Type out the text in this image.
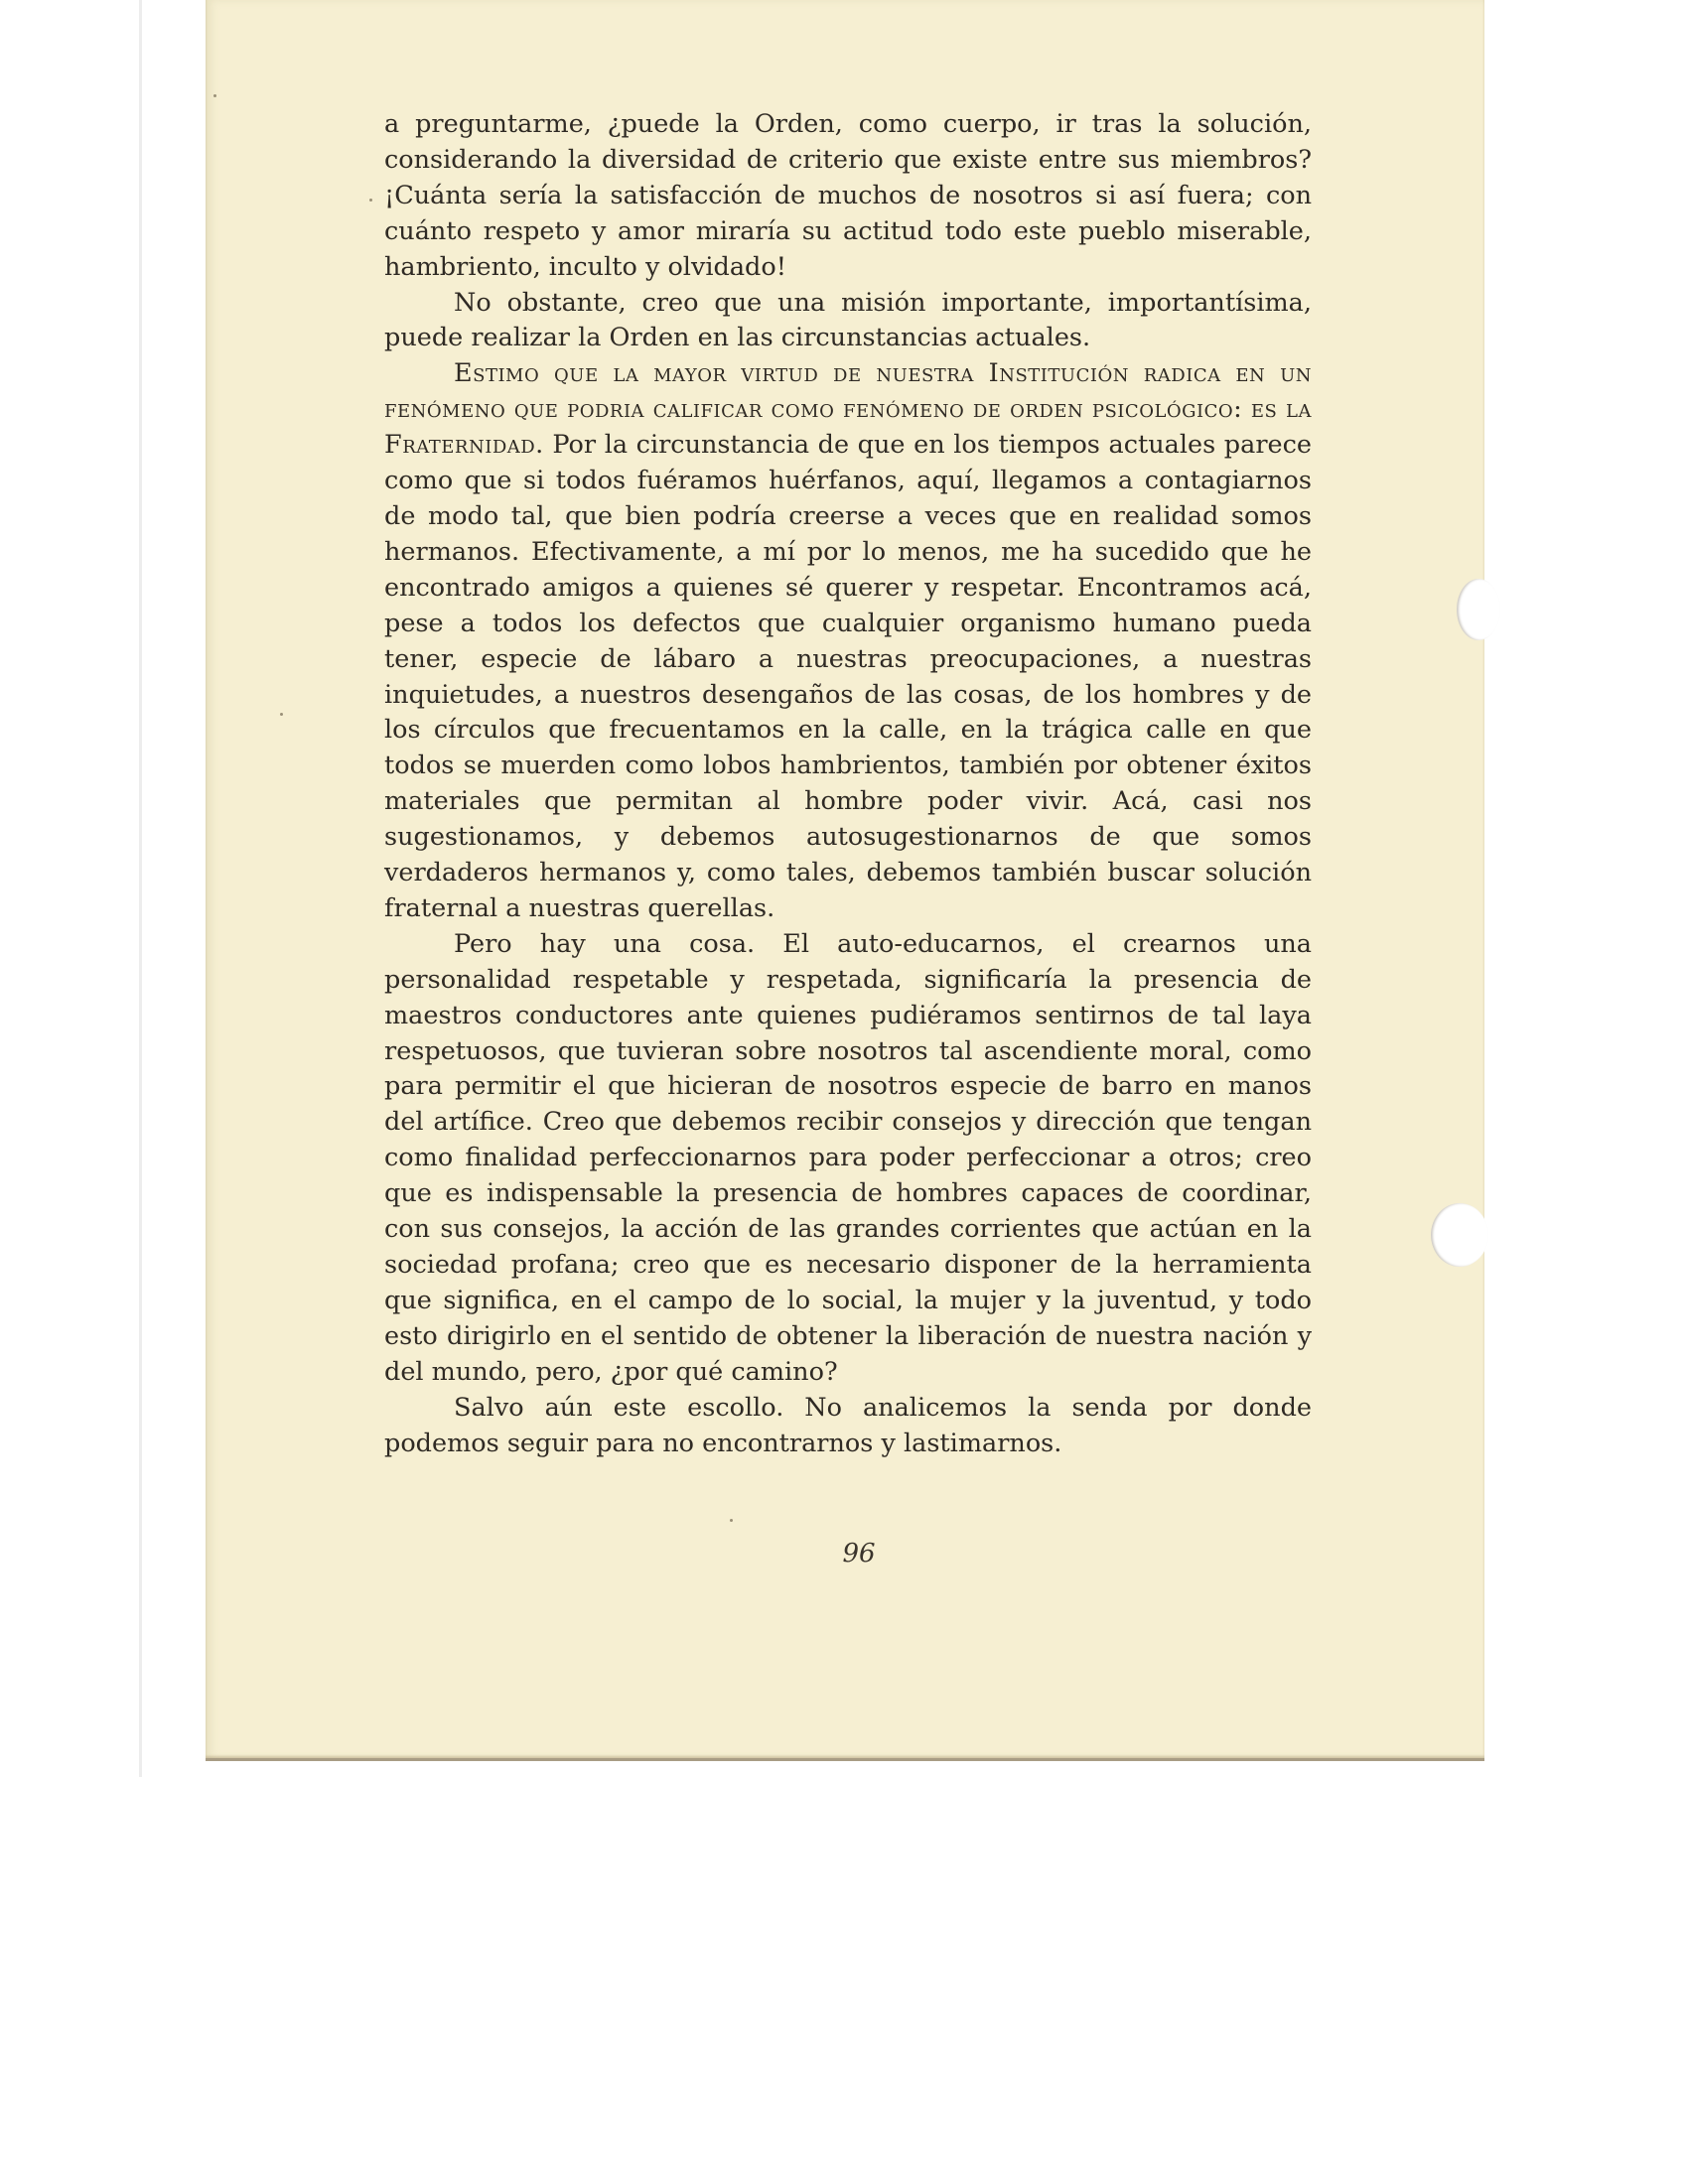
a preguntarme, ¿puede la Orden, como cuerpo, ir tras la solución, considerando la diversidad de criterio que existe entre sus miembros? ¡Cuánta sería la satisfacción de muchos de nosotros si así fuera; con cuánto respeto y amor miraría su actitud todo este pueblo miserable, hambriento, inculto y olvidado!

No obstante, creo que una misión importante, importantísima, puede realizar la Orden en las circunstancias actuales.

Estimo que la mayor virtud de nuestra Institución radica en un fenómeno que podria calificar como fenómeno de orden psicológico: es la Fraternidad. Por la circunstancia de que en los tiempos actuales parece como que si todos fuéramos huérfanos, aquí, llegamos a contagiarnos de modo tal, que bien podría creerse a veces que en realidad somos hermanos. Efectivamente, a mí por lo menos, me ha sucedido que he encontrado amigos a quienes sé querer y respetar. Encontramos acá, pese a todos los defectos que cualquier organismo humano pueda tener, especie de lábaro a nuestras preocupaciones, a nuestras inquietudes, a nuestros desengaños de las cosas, de los hombres y de los círculos que frecuentamos en la calle, en la trágica calle en que todos se muerden como lobos hambrientos, también por obtener éxitos materiales que permitan al hombre poder vivir. Acá, casi nos sugestionamos, y debemos autosugestionarnos de que somos verdaderos hermanos y, como tales, debemos también buscar solución fraternal a nuestras querellas.

Pero hay una cosa. El auto-educarnos, el crearnos una personalidad respetable y respetada, significaría la presencia de maestros conductores ante quienes pudiéramos sentirnos de tal laya respetuosos, que tuvieran sobre nosotros tal ascendiente moral, como para permitir el que hicieran de nosotros especie de barro en manos del artífice. Creo que debemos recibir consejos y dirección que tengan como finalidad perfeccionarnos para poder perfeccionar a otros; creo que es indispensable la presencia de hombres capaces de coordinar, con sus consejos, la acción de las grandes corrientes que actúan en la sociedad profana; creo que es necesario disponer de la herramienta que significa, en el campo de lo social, la mujer y la juventud, y todo esto dirigirlo en el sentido de obtener la liberación de nuestra nación y del mundo, pero, ¿por qué camino?

Salvo aún este escollo. No analicemos la senda por donde podemos seguir para no encontrarnos y lastimarnos.

96
